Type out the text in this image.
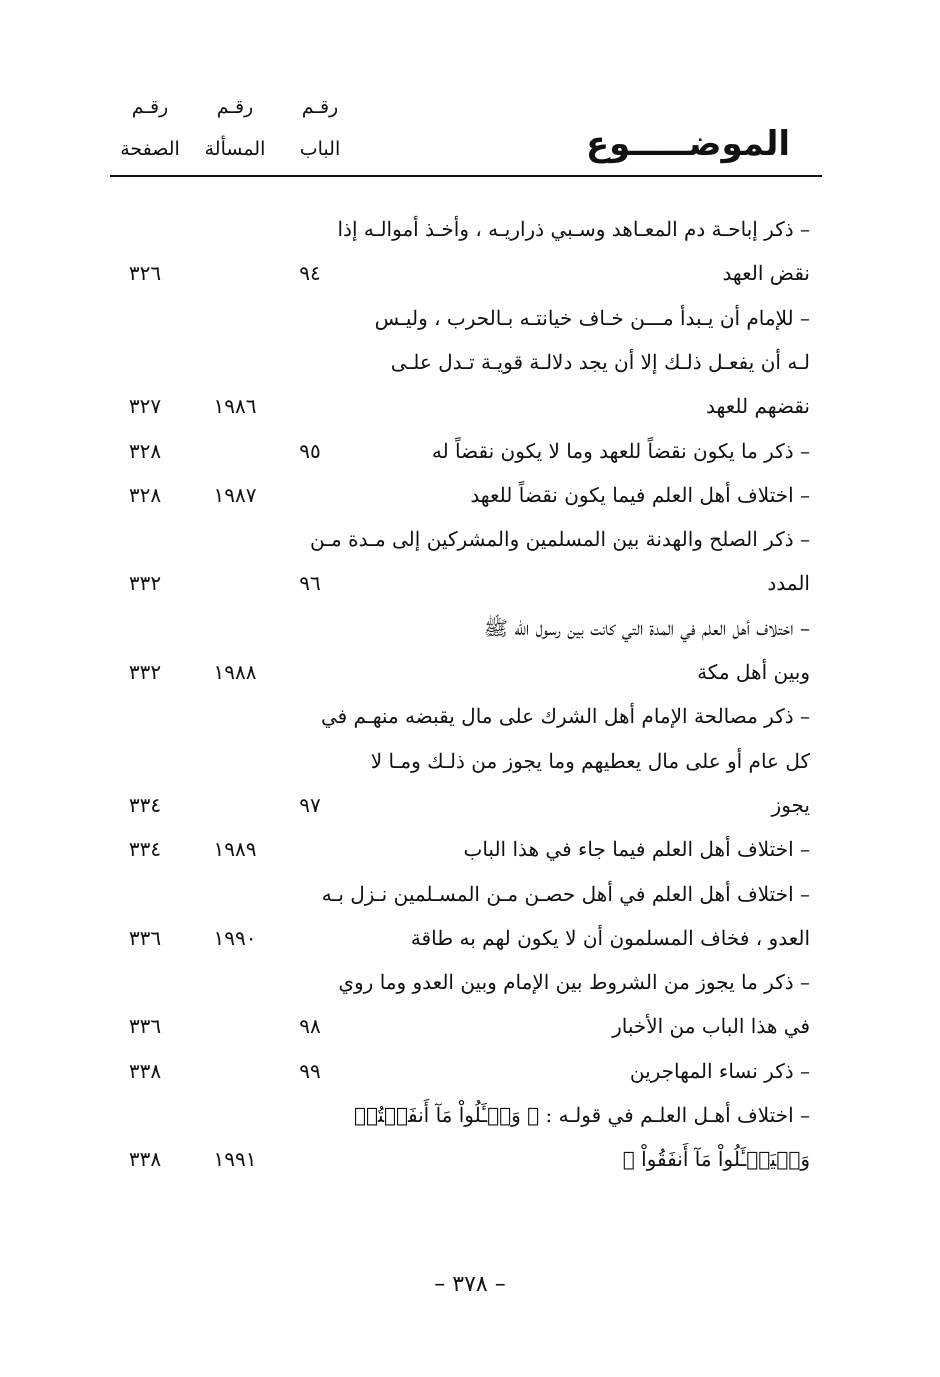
رقـم
الباب
رقـم
المسألة
رقـم
الصفحة	الموضـــــوع
– ذكر إباحـة دم المعـاهد وسـبي ذراريـه ، وأخـذ أموالـه إذا
نقض العهد
٩٤
٣٢٦
– للإمام أن يـبدأ مـــن خـاف خيانتـه بـالحرب ، وليـس
لـه أن يفعـل ذلـك إلا أن يجد دلالـة قويـة تـدل علـى
نقضهم للعهد
١٩٨٦
٣٢٧
– ذكر ما يكون نقضاً للعهد وما لا يكون نقضاً له
٩٥
٣٢٨
– اختلاف أهل العلم فيما يكون نقضاً للعهد
١٩٨٧
٣٢٨
– ذكر الصلح والهدنة بين المسلمين والمشركين إلى مـدة مـن
المدد
٩٦
٣٣٢
– اختلاف أهل العلم في المدة التي كانت بين رسول الله ﷺ
وبين أهل مكة
١٩٨٨
٣٣٢
– ذكر مصالحة الإمام أهل الشرك على مال يقبضه منهـم في
كل عام أو على مال يعطيهم وما يجوز من ذلـك ومـا لا
يجوز
٩٧
٣٣٤
– اختلاف أهل العلم فيما جاء في هذا الباب
١٩٨٩
٣٣٤
– اختلاف أهل العلم في أهل حصـن مـن المسـلمين نـزل بـه
العدو ، فخاف المسلمون أن لا يكون لهم به طاقة
١٩٩٠
٣٣٦
– ذكر ما يجوز من الشروط بين الإمام وبين العدو وما روي
في هذا الباب من الأخبار
٩٨
٣٣٦
– ذكر نساء المهاجرين
٩٩
٣٣٨
– اختلاف أهـل العلـم في قولـه : ﴿ وَسۡـَٔلُواْ مَآ أَنفَقۡتُمۡ
وَلۡيَسۡـَٔلُواْ مَآ أَنفَقُواْ ﴾
١٩٩١
٣٣٨
– ٣٧٨ –
